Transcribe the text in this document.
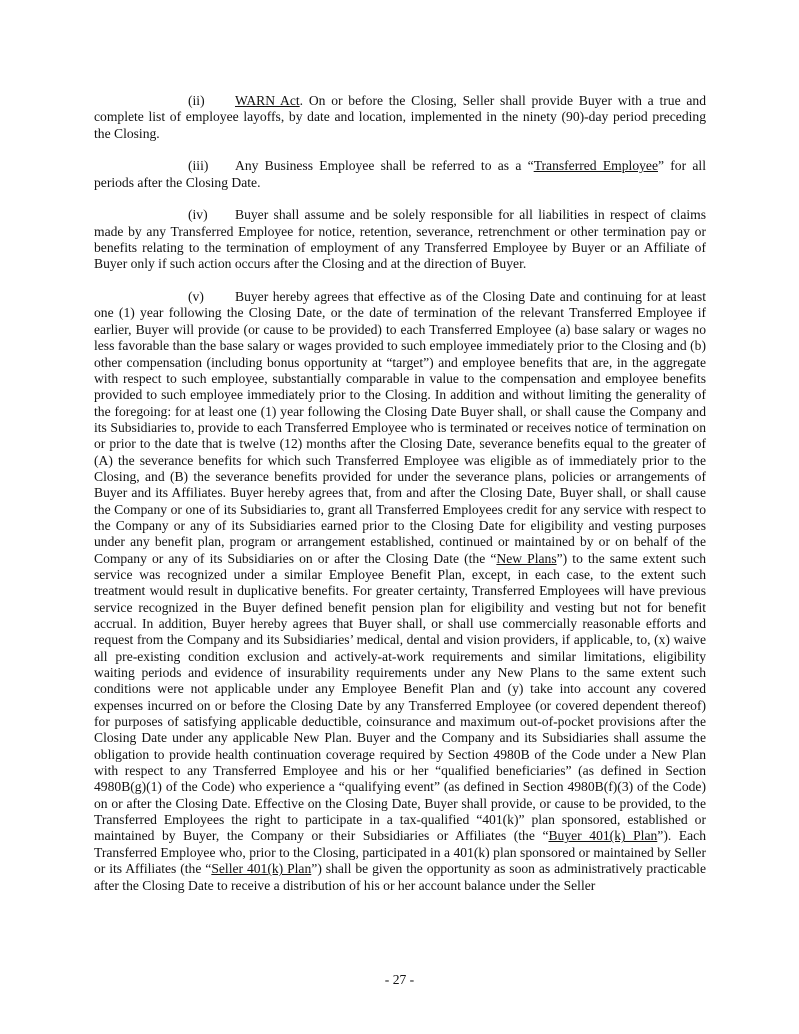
(ii) WARN Act. On or before the Closing, Seller shall provide Buyer with a true and complete list of employee layoffs, by date and location, implemented in the ninety (90)-day period preceding the Closing.

(iii) Any Business Employee shall be referred to as a “Transferred Employee” for all periods after the Closing Date.

(iv) Buyer shall assume and be solely responsible for all liabilities in respect of claims made by any Transferred Employee for notice, retention, severance, retrenchment or other termination pay or benefits relating to the termination of employment of any Transferred Employee by Buyer or an Affiliate of Buyer only if such action occurs after the Closing and at the direction of Buyer.

(v) Buyer hereby agrees that effective as of the Closing Date and continuing for at least one (1) year following the Closing Date, or the date of termination of the relevant Transferred Employee if earlier, Buyer will provide (or cause to be provided) to each Transferred Employee (a) base salary or wages no less favorable than the base salary or wages provided to such employee immediately prior to the Closing and (b) other compensation (including bonus opportunity at “target”) and employee benefits that are, in the aggregate with respect to such employee, substantially comparable in value to the compensation and employee benefits provided to such employee immediately prior to the Closing. In addition and without limiting the generality of the foregoing: for at least one (1) year following the Closing Date Buyer shall, or shall cause the Company and its Subsidiaries to, provide to each Transferred Employee who is terminated or receives notice of termination on or prior to the date that is twelve (12) months after the Closing Date, severance benefits equal to the greater of (A) the severance benefits for which such Transferred Employee was eligible as of immediately prior to the Closing, and (B) the severance benefits provided for under the severance plans, policies or arrangements of Buyer and its Affiliates. Buyer hereby agrees that, from and after the Closing Date, Buyer shall, or shall cause the Company or one of its Subsidiaries to, grant all Transferred Employees credit for any service with respect to the Company or any of its Subsidiaries earned prior to the Closing Date for eligibility and vesting purposes under any benefit plan, program or arrangement established, continued or maintained by or on behalf of the Company or any of its Subsidiaries on or after the Closing Date (the “New Plans”) to the same extent such service was recognized under a similar Employee Benefit Plan, except, in each case, to the extent such treatment would result in duplicative benefits. For greater certainty, Transferred Employees will have previous service recognized in the Buyer defined benefit pension plan for eligibility and vesting but not for benefit accrual. In addition, Buyer hereby agrees that Buyer shall, or shall use commercially reasonable efforts and request from the Company and its Subsidiaries’ medical, dental and vision providers, if applicable, to, (x) waive all pre-existing condition exclusion and actively-at-work requirements and similar limitations, eligibility waiting periods and evidence of insurability requirements under any New Plans to the same extent such conditions were not applicable under any Employee Benefit Plan and (y) take into account any covered expenses incurred on or before the Closing Date by any Transferred Employee (or covered dependent thereof) for purposes of satisfying applicable deductible, coinsurance and maximum out-of-pocket provisions after the Closing Date under any applicable New Plan. Buyer and the Company and its Subsidiaries shall assume the obligation to provide health continuation coverage required by Section 4980B of the Code under a New Plan with respect to any Transferred Employee and his or her “qualified beneficiaries” (as defined in Section 4980B(g)(1) of the Code) who experience a “qualifying event” (as defined in Section 4980B(f)(3) of the Code) on or after the Closing Date. Effective on the Closing Date, Buyer shall provide, or cause to be provided, to the Transferred Employees the right to participate in a tax-qualified “401(k)” plan sponsored, established or maintained by Buyer, the Company or their Subsidiaries or Affiliates (the “Buyer 401(k) Plan”). Each Transferred Employee who, prior to the Closing, participated in a 401(k) plan sponsored or maintained by Seller or its Affiliates (the “Seller 401(k) Plan”) shall be given the opportunity as soon as administratively practicable after the Closing Date to receive a distribution of his or her account balance under the Seller

- 27 -
